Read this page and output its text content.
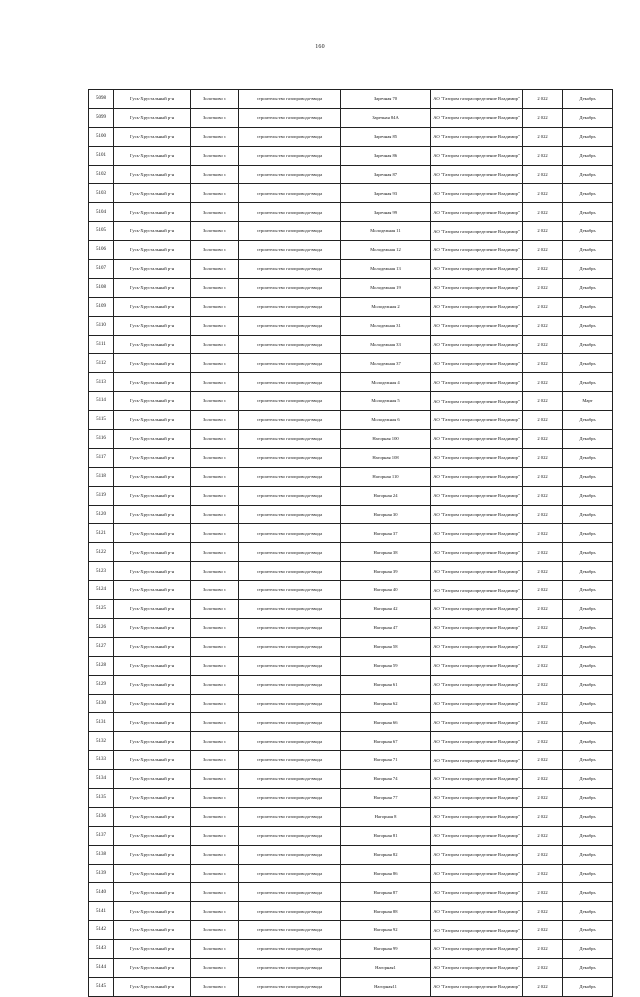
160
5098	Гусь-Хрустальный р-н	Золотково с	строительство газопровода-ввода	Заречная 70	АО "Газпром газораспределение Владимир"	2 022	Декабрь
5099	Гусь-Хрустальный р-н	Золотково с	строительство газопровода-ввода	Заречная 84А	АО "Газпром газораспределение Владимир"	2 022	Декабрь
5100	Гусь-Хрустальный р-н	Золотково с	строительство газопровода-ввода	Заречная 85	АО "Газпром газораспределение Владимир"	2 022	Декабрь
5101	Гусь-Хрустальный р-н	Золотково с	строительство газопровода-ввода	Заречная 86	АО "Газпром газораспределение Владимир"	2 022	Декабрь
5102	Гусь-Хрустальный р-н	Золотково с	строительство газопровода-ввода	Заречная 87	АО "Газпром газораспределение Владимир"	2 022	Декабрь
5103	Гусь-Хрустальный р-н	Золотково с	строительство газопровода-ввода	Заречная 93	АО "Газпром газораспределение Владимир"	2 022	Декабрь
5104	Гусь-Хрустальный р-н	Золотково с	строительство газопровода-ввода	Заречная 99	АО "Газпром газораспределение Владимир"	2 022	Декабрь
5105	Гусь-Хрустальный р-н	Золотково с	строительство газопровода-ввода	Молодежная 11	АО "Газпром газораспределение Владимир"	2 022	Декабрь
5106	Гусь-Хрустальный р-н	Золотково с	строительство газопровода-ввода	Молодежная 12	АО "Газпром газораспределение Владимир"	2 022	Декабрь
5107	Гусь-Хрустальный р-н	Золотково с	строительство газопровода-ввода	Молодежная 13	АО "Газпром газораспределение Владимир"	2 022	Декабрь
5108	Гусь-Хрустальный р-н	Золотково с	строительство газопровода-ввода	Молодежная 19	АО "Газпром газораспределение Владимир"	2 022	Декабрь
5109	Гусь-Хрустальный р-н	Золотково с	строительство газопровода-ввода	Молодежная 2	АО "Газпром газораспределение Владимир"	2 022	Декабрь
5110	Гусь-Хрустальный р-н	Золотково с	строительство газопровода-ввода	Молодежная 31	АО "Газпром газораспределение Владимир"	2 022	Декабрь
5111	Гусь-Хрустальный р-н	Золотково с	строительство газопровода-ввода	Молодежная 33	АО "Газпром газораспределение Владимир"	2 022	Декабрь
5112	Гусь-Хрустальный р-н	Золотково с	строительство газопровода-ввода	Молодежная 37	АО "Газпром газораспределение Владимир"	2 022	Декабрь
5113	Гусь-Хрустальный р-н	Золотково с	строительство газопровода-ввода	Молодежная 4	АО "Газпром газораспределение Владимир"	2 022	Декабрь
5114	Гусь-Хрустальный р-н	Золотково с	строительство газопровода-ввода	Молодежная 5	АО "Газпром газораспределение Владимир"	2 022	Март
5115	Гусь-Хрустальный р-н	Золотково с	строительство газопровода-ввода	Молодежная 6	АО "Газпром газораспределение Владимир"	2 022	Декабрь
5116	Гусь-Хрустальный р-н	Золотково с	строительство газопровода-ввода	Нагорная 100	АО "Газпром газораспределение Владимир"	2 022	Декабрь
5117	Гусь-Хрустальный р-н	Золотково с	строительство газопровода-ввода	Нагорная 108	АО "Газпром газораспределение Владимир"	2 022	Декабрь
5118	Гусь-Хрустальный р-н	Золотково с	строительство газопровода-ввода	Нагорная 110	АО "Газпром газораспределение Владимир"	2 022	Декабрь
5119	Гусь-Хрустальный р-н	Золотково с	строительство газопровода-ввода	Нагорная 24	АО "Газпром газораспределение Владимир"	2 022	Декабрь
5120	Гусь-Хрустальный р-н	Золотково с	строительство газопровода-ввода	Нагорная 30	АО "Газпром газораспределение Владимир"	2 022	Декабрь
5121	Гусь-Хрустальный р-н	Золотково с	строительство газопровода-ввода	Нагорная 37	АО "Газпром газораспределение Владимир"	2 022	Декабрь
5122	Гусь-Хрустальный р-н	Золотково с	строительство газопровода-ввода	Нагорная 38	АО "Газпром газораспределение Владимир"	2 022	Декабрь
5123	Гусь-Хрустальный р-н	Золотково с	строительство газопровода-ввода	Нагорная 39	АО "Газпром газораспределение Владимир"	2 022	Декабрь
5124	Гусь-Хрустальный р-н	Золотково с	строительство газопровода-ввода	Нагорная 40	АО "Газпром газораспределение Владимир"	2 022	Декабрь
5125	Гусь-Хрустальный р-н	Золотково с	строительство газопровода-ввода	Нагорная 42	АО "Газпром газораспределение Владимир"	2 022	Декабрь
5126	Гусь-Хрустальный р-н	Золотково с	строительство газопровода-ввода	Нагорная 47	АО "Газпром газораспределение Владимир"	2 022	Декабрь
5127	Гусь-Хрустальный р-н	Золотково с	строительство газопровода-ввода	Нагорная 58	АО "Газпром газораспределение Владимир"	2 022	Декабрь
5128	Гусь-Хрустальный р-н	Золотково с	строительство газопровода-ввода	Нагорная 59	АО "Газпром газораспределение Владимир"	2 022	Декабрь
5129	Гусь-Хрустальный р-н	Золотково с	строительство газопровода-ввода	Нагорная 61	АО "Газпром газораспределение Владимир"	2 022	Декабрь
5130	Гусь-Хрустальный р-н	Золотково с	строительство газопровода-ввода	Нагорная 62	АО "Газпром газораспределение Владимир"	2 022	Декабрь
5131	Гусь-Хрустальный р-н	Золотково с	строительство газопровода-ввода	Нагорная 66	АО "Газпром газораспределение Владимир"	2 022	Декабрь
5132	Гусь-Хрустальный р-н	Золотково с	строительство газопровода-ввода	Нагорная 67	АО "Газпром газораспределение Владимир"	2 022	Декабрь
5133	Гусь-Хрустальный р-н	Золотково с	строительство газопровода-ввода	Нагорная 71	АО "Газпром газораспределение Владимир"	2 022	Декабрь
5134	Гусь-Хрустальный р-н	Золотково с	строительство газопровода-ввода	Нагорная 74	АО "Газпром газораспределение Владимир"	2 022	Декабрь
5135	Гусь-Хрустальный р-н	Золотково с	строительство газопровода-ввода	Нагорная 77	АО "Газпром газораспределение Владимир"	2 022	Декабрь
5136	Гусь-Хрустальный р-н	Золотково с	строительство газопровода-ввода	Нагорная 8	АО "Газпром газораспределение Владимир"	2 022	Декабрь
5137	Гусь-Хрустальный р-н	Золотково с	строительство газопровода-ввода	Нагорная 81	АО "Газпром газораспределение Владимир"	2 022	Декабрь
5138	Гусь-Хрустальный р-н	Золотково с	строительство газопровода-ввода	Нагорная 82	АО "Газпром газораспределение Владимир"	2 022	Декабрь
5139	Гусь-Хрустальный р-н	Золотково с	строительство газопровода-ввода	Нагорная 86	АО "Газпром газораспределение Владимир"	2 022	Декабрь
5140	Гусь-Хрустальный р-н	Золотково с	строительство газопровода-ввода	Нагорная 87	АО "Газпром газораспределение Владимир"	2 022	Декабрь
5141	Гусь-Хрустальный р-н	Золотково с	строительство газопровода-ввода	Нагорная 88	АО "Газпром газораспределение Владимир"	2 022	Декабрь
5142	Гусь-Хрустальный р-н	Золотково с	строительство газопровода-ввода	Нагорная 92	АО "Газпром газораспределение Владимир"	2 022	Декабрь
5143	Гусь-Хрустальный р-н	Золотково с	строительство газопровода-ввода	Нагорная 99	АО "Газпром газораспределение Владимир"	2 022	Декабрь
5144	Гусь-Хрустальный р-н	Золотково с	строительство газопровода-ввода	Нагорная1	АО "Газпром газораспределение Владимир"	2 022	Декабрь
5145	Гусь-Хрустальный р-н	Золотково с	строительство газопровода-ввода	Нагорная11	АО "Газпром газораспределение Владимир"	2 022	Декабрь
